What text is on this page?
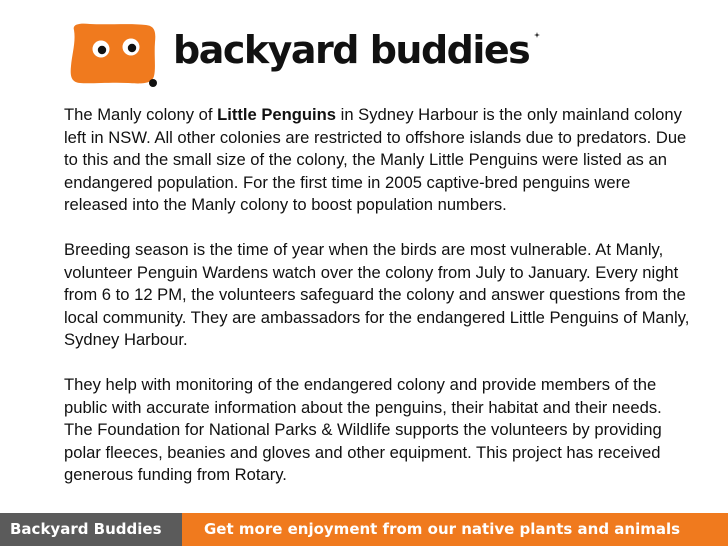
backyard buddies

The Manly colony of Little Penguins in Sydney Harbour is the only mainland colony left in NSW. All other colonies are restricted to offshore islands due to predators. Due to this and the small size of the colony, the Manly Little Penguins were listed as an endangered population. For the first time in 2005 captive-bred penguins were released into the Manly colony to boost population numbers.

Breeding season is the time of year when the birds are most vulnerable. At Manly, volunteer Penguin Wardens watch over the colony from July to January. Every night from 6 to 12 PM, the volunteers safeguard the colony and answer questions from the local community. They are ambassadors for the endangered Little Penguins of Manly, Sydney Harbour.

They help with monitoring of the endangered colony and provide members of the public with accurate information about the penguins, their habitat and their needs. The Foundation for National Parks & Wildlife supports the volunteers by providing polar fleeces, beanies and gloves and other equipment. This project has received generous funding from Rotary.

Backyard Buddies	Get more enjoyment from our native plants and animals
